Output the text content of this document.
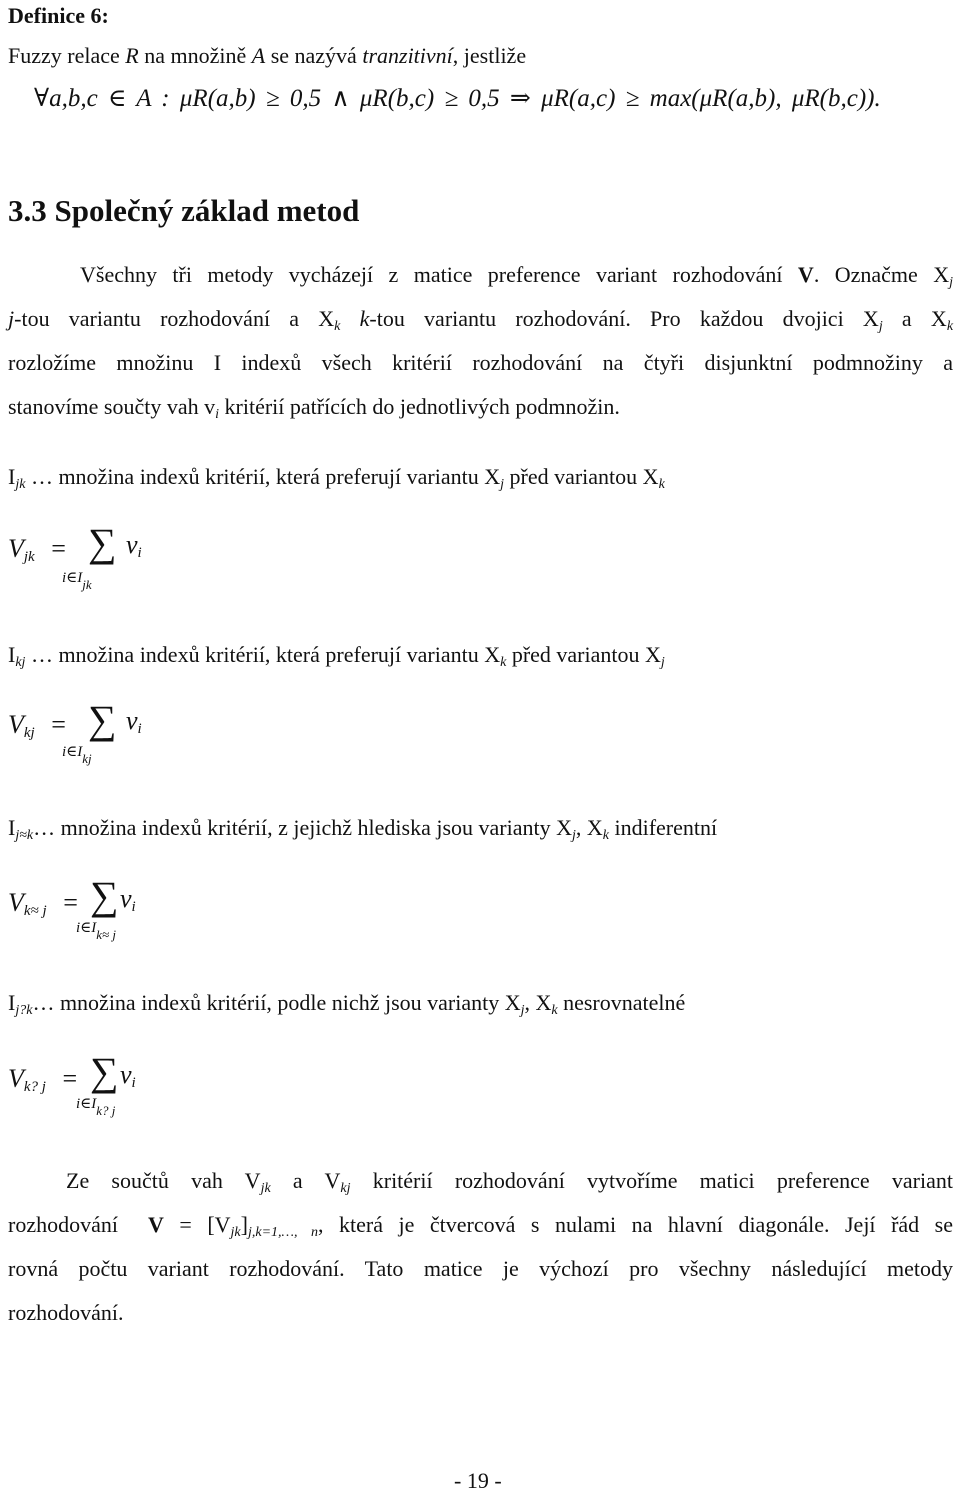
Definice 6:
Fuzzy relace R na množině A se nazývá tranzitivní, jestliže
∀a,b,c ∈ A : μR(a,b) ≥ 0,5 ∧ μR(b,c) ≥ 0,5 ⇒ μR(a,c) ≥ max(μR(a,b), μR(b,c)).
3.3 Společný základ metod
Všechny tři metody vycházejí z matice preference variant rozhodování V. Označme $X_j$
j-tou variantu rozhodování a $X_k$ k-tou variantu rozhodování. Pro každou dvojici $X_j$ a $X_k$
rozložíme množinu I indexů všech kritérií rozhodování na čtyři disjunktní podmnožiny a
stanovíme součty vah $v_i$ kritérií patřících do jednotlivých podmnožin.
$I_{jk}$ … množina indexů kritérií, která preferují variantu $X_j$ před variantou $X_k$
$V_{jk}$ = ∑ $v_i$
$i\in I_{jk}$
$I_{kj}$ … množina indexů kritérií, která preferují variantu $X_k$ před variantou $X_j$
$V_{kj}$ = ∑ $v_i$
$i\in I_{kj}$
$I_{j\approx k}\dots$ množina indexů kritérií, z jejichž hlediska jsou varianty $X_j$, $X_k$ indiferentní
$V_{k\approx j}$ = ∑ $v_i$
$i\in I_{k\approx j}$
$I_{j?k}\dots$ množina indexů kritérií, podle nichž jsou varianty $X_j$, $X_k$ nesrovnatelné
$V_{k? j}$ = ∑ $v_i$
$i\in I_{k? j}$
Ze součtů vah $V_{jk}$ a $V_{kj}$ kritérií rozhodování vytvoříme matici preference variant
rozhodování $V = [V_{jk}]_{j,k=1,\dots, n}$, která je čtvercová s nulami na hlavní diagonále. Její řád se
rovná počtu variant rozhodování. Tato matice je výchozí pro všechny následující metody
rozhodování.
- 19 -
